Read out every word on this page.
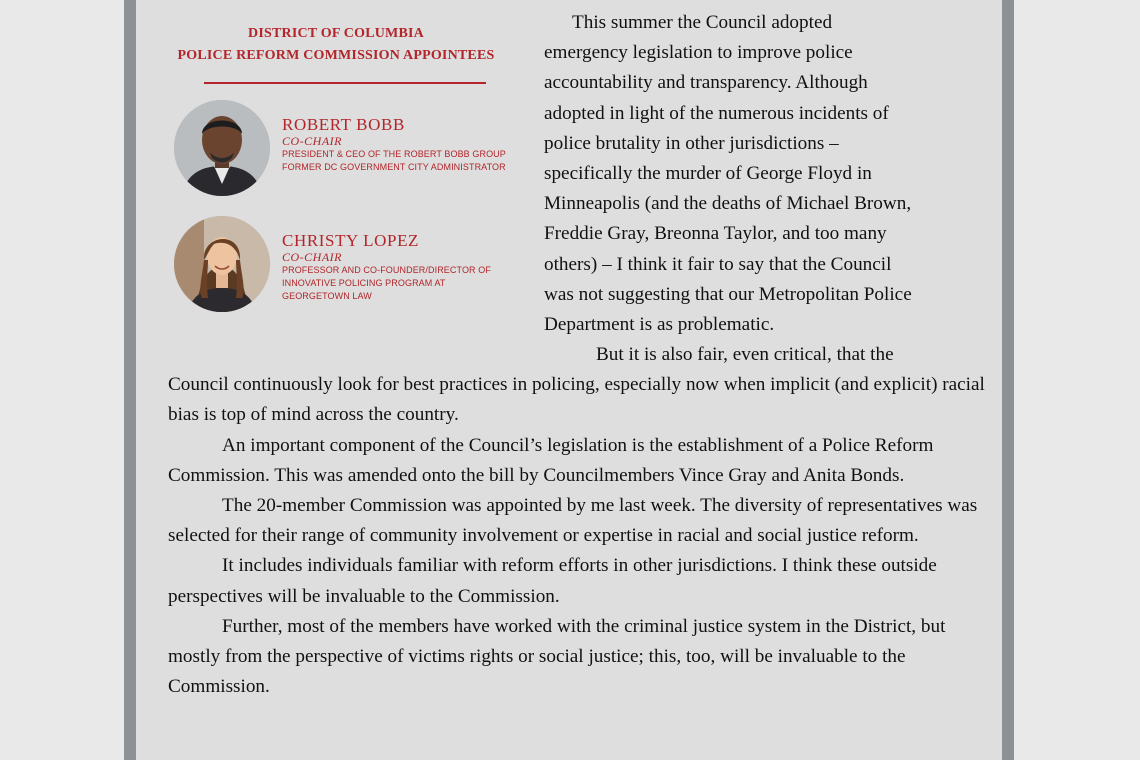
DISTRICT OF COLUMBIA
POLICE REFORM COMMISSION APPOINTEES
ROBERT BOBB
CO-CHAIR
PRESIDENT & CEO OF THE ROBERT BOBB GROUP
FORMER DC GOVERNMENT CITY ADMINISTRATOR
CHRISTY LOPEZ
CO-CHAIR
PROFESSOR AND CO-FOUNDER/DIRECTOR OF
INNOVATIVE POLICING PROGRAM AT
GEORGETOWN LAW
This summer the Council adopted
emergency legislation to improve police
accountability and transparency. Although
adopted in light of the numerous incidents of
police brutality in other jurisdictions –
specifically the murder of George Floyd in
Minneapolis (and the deaths of Michael Brown,
Freddie Gray, Breonna Taylor, and too many
others) – I think it fair to say that the Council
was not suggesting that our Metropolitan Police
Department is as problematic.
But it is also fair, even critical, that the

Council continuously look for best practices in policing, especially now when implicit (and explicit) racial bias is top of mind across the country.

An important component of the Council’s legislation is the establishment of a Police Reform Commission. This was amended onto the bill by Councilmembers Vince Gray and Anita Bonds.

The 20-member Commission was appointed by me last week. The diversity of representatives was selected for their range of community involvement or expertise in racial and social justice reform.

It includes individuals familiar with reform efforts in other jurisdictions. I think these outside perspectives will be invaluable to the Commission.

Further, most of the members have worked with the criminal justice system in the District, but mostly from the perspective of victims rights or social justice; this, too, will be invaluable to the Commission.
